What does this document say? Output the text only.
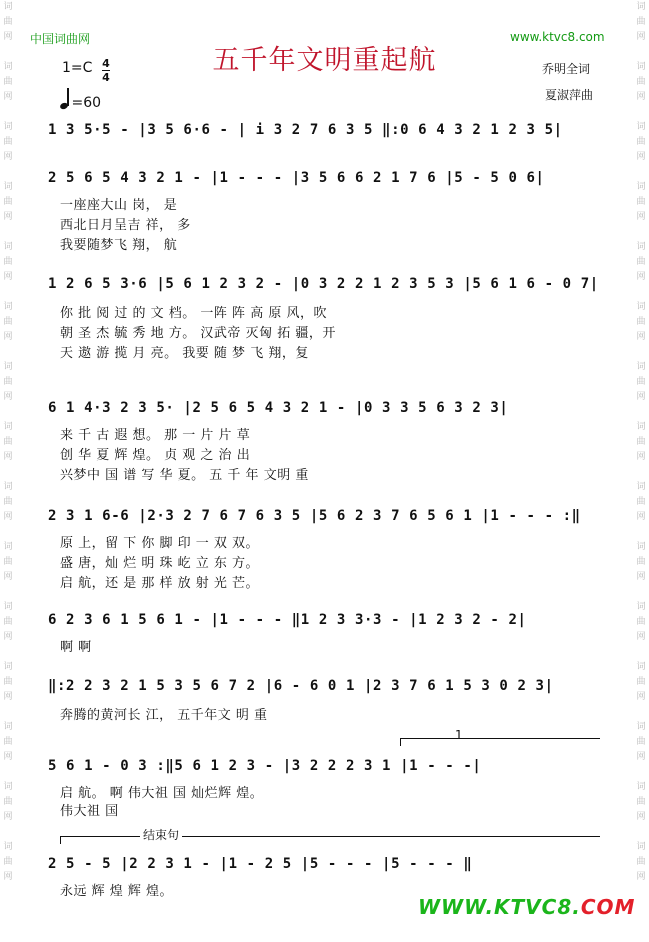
词
曲
网

词
曲
网

词
曲
网

词
曲
网

词
曲
网

词
曲
网

词
曲
网

词
曲
网

词
曲
网

词
曲
网

词
曲
网

词
曲
网

词
曲
网

词
曲
网

词
曲
网
词
曲
网

词
曲
网

词
曲
网

词
曲
网

词
曲
网

词
曲
网

词
曲
网

词
曲
网

词
曲
网

词
曲
网

词
曲
网

词
曲
网

词
曲
网

词
曲
网

词
曲
网
中国词曲网	www.ktvc8.com
五千年文明重起航	乔明全词
夏淑萍曲
1=C 4
4
=60
1 3 5·5 - |3 5 6·6 - | i 3 2 7 6 3 5 ‖:0 6 4 3 2 1 2 3 5|
2 5 6 5 4 3 2 1 - |1 - - - |3 5 6 6 2 1 7 6 |5 - 5 0 6|
一座座大山 岗， 是
西北日月呈吉 祥， 多
我要随梦飞 翔， 航
1 2 6 5 3·6 |5 6 1 2 3 2 - |0 3 2 2 1 2 3 5 3 |5 6 1 6 - 0 7|
你 批 阅 过 的 文 档。 一阵 阵 高 原 风，吹
朝 圣 杰 毓 秀 地 方。 汉武帝 灭匈 拓 疆，开
天 遨 游 揽 月 亮。 我要 随 梦 飞 翔，复
6 1 4·3 2 3 5· |2 5 6 5 4 3 2 1 - |0 3 3 5 6 3 2 3|
来 千 古 遐 想。 那 一 片 片 草
创 华 夏 辉 煌。 贞 观 之 治 出
兴梦中 国 谱 写 华 夏。 五 千 年 文明 重
2 3 1 6-6 |2·3 2 7 6 7 6 3 5 |5 6 2 3 7 6 5 6 1 |1 - - - :‖
原 上，留 下 你 脚 印 一 双 双。
盛 唐，灿 烂 明 珠 屹 立 东 方。
启 航，还 是 那 样 放 射 光 芒。
6 2 3 6 1 5 6 1 - |1 - - - ‖1 2 3 3·3 - |1 2 3 2 - 2|
啊 啊
‖:2 2 3 2 1 5 3 5 6 7 2 |6 - 6 0 1 |2 3 7 6 1 5 3 0 2 3|
奔腾的黄河长 江， 五千年文 明 重
1
5 6 1 - 0 3 :‖5 6 1 2 3 - |3 2 2 2 3 1 |1 - - -|
启 航。 啊 伟大祖 国 灿烂辉 煌。
伟大祖 国
结束句
2 5 - 5 |2 2 3 1 - |1 - 2 5 |5 - - - |5 - - - ‖
永远 辉 煌 辉 煌。
WWW.KTVC8.COM
